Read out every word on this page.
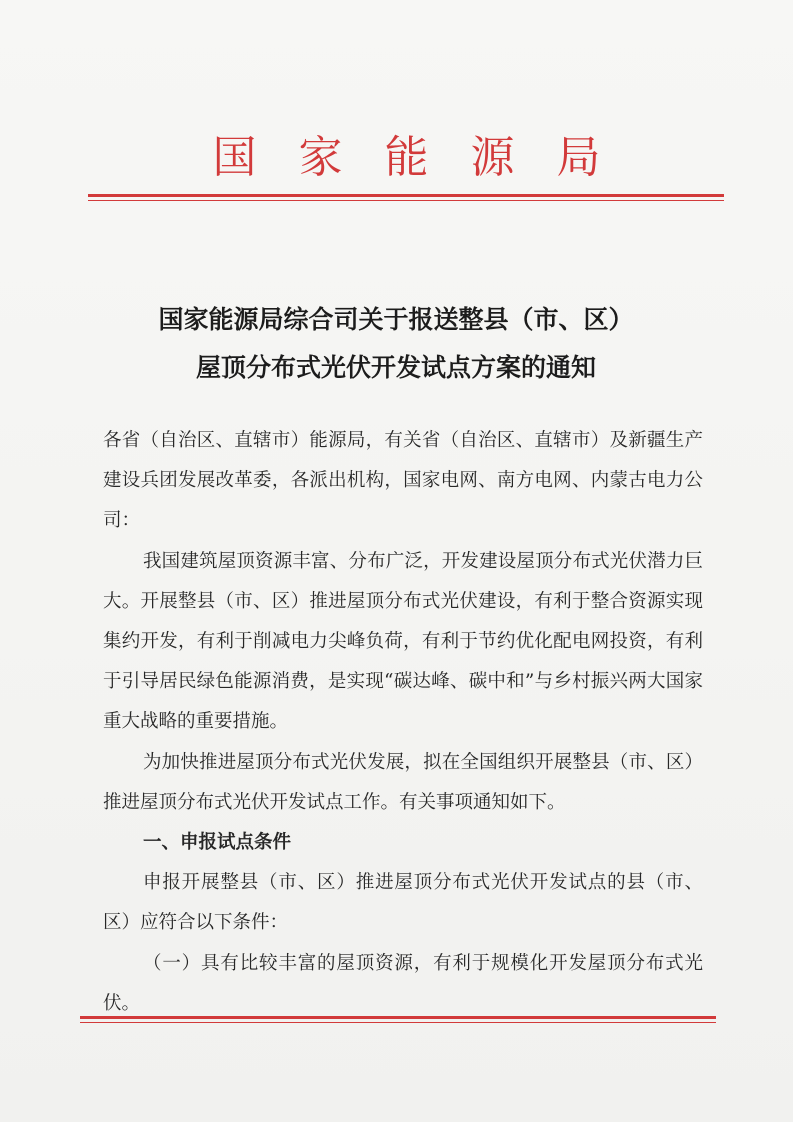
国家能源局
国家能源局综合司关于报送整县（市、区）
屋顶分布式光伏开发试点方案的通知

各省（自治区、直辖市）能源局，有关省（自治区、直辖市）及新疆生产建设兵团发展改革委，各派出机构，国家电网、南方电网、内蒙古电力公司：

我国建筑屋顶资源丰富、分布广泛，开发建设屋顶分布式光伏潜力巨大。开展整县（市、区）推进屋顶分布式光伏建设，有利于整合资源实现集约开发，有利于削减电力尖峰负荷，有利于节约优化配电网投资，有利于引导居民绿色能源消费，是实现“碳达峰、碳中和”与乡村振兴两大国家重大战略的重要措施。

为加快推进屋顶分布式光伏发展，拟在全国组织开展整县（市、区）推进屋顶分布式光伏开发试点工作。有关事项通知如下。

一、申报试点条件

申报开展整县（市、区）推进屋顶分布式光伏开发试点的县（市、区）应符合以下条件：

（一）具有比较丰富的屋顶资源，有利于规模化开发屋顶分布式光伏。
